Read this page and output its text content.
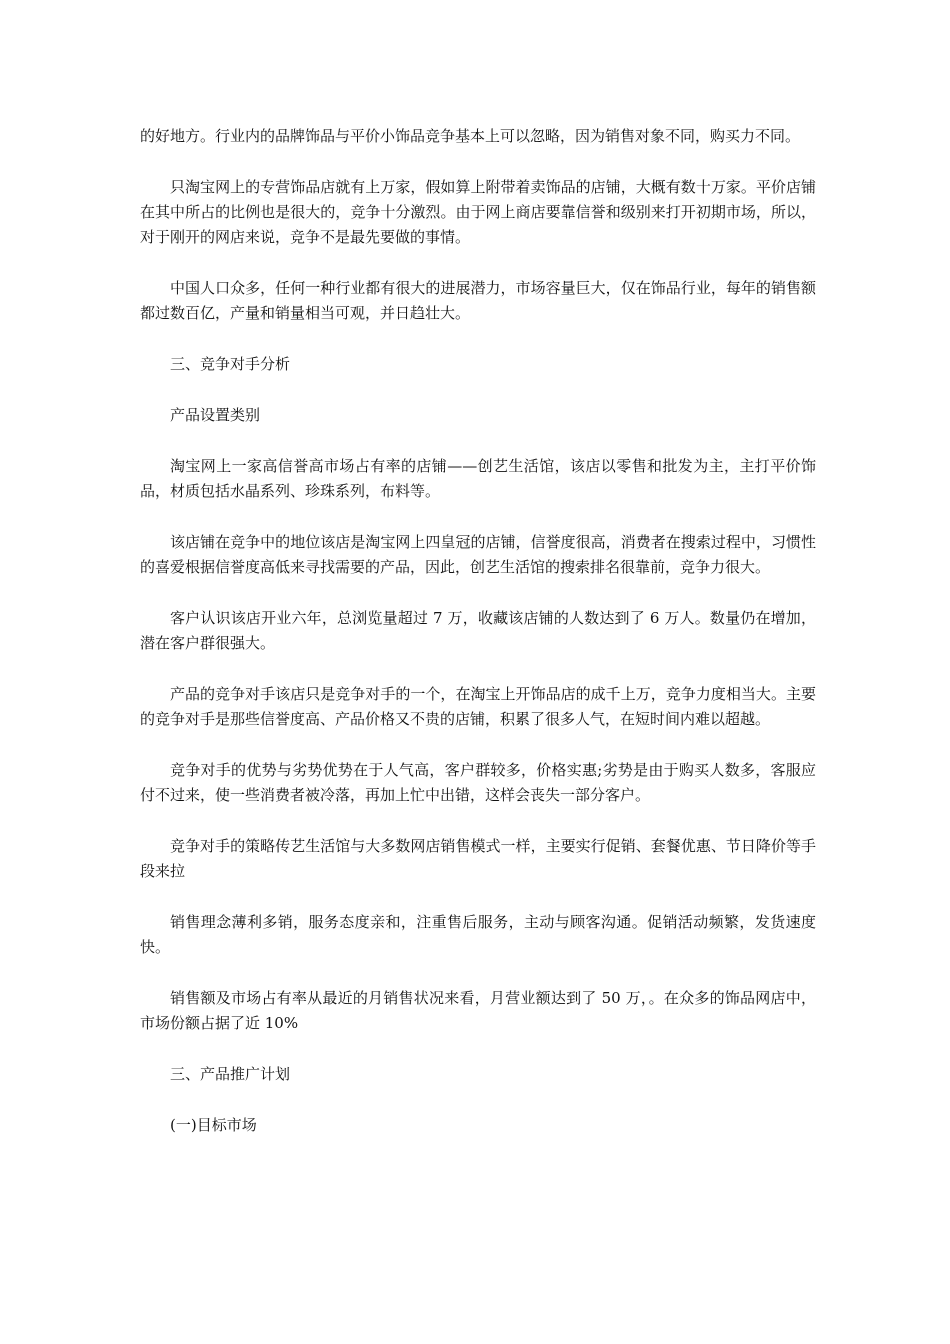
的好地方。行业内的品牌饰品与平价小饰品竞争基本上可以忽略，因为销售对象不同，购买力不同。

只淘宝网上的专营饰品店就有上万家，假如算上附带着卖饰品的店铺，大概有数十万家。平价店铺在其中所占的比例也是很大的，竞争十分激烈。由于网上商店要靠信誉和级别来打开初期市场，所以，对于刚开的网店来说，竞争不是最先要做的事情。

中国人口众多，任何一种行业都有很大的进展潜力，市场容量巨大，仅在饰品行业，每年的销售额都过数百亿，产量和销量相当可观，并日趋壮大。

三、竞争对手分析

产品设置类别

淘宝网上一家高信誉高市场占有率的店铺——创艺生活馆，该店以零售和批发为主，主打平价饰品，材质包括水晶系列、珍珠系列，布料等。

该店铺在竞争中的地位该店是淘宝网上四皇冠的店铺，信誉度很高，消费者在搜索过程中，习惯性的喜爱根据信誉度高低来寻找需要的产品，因此，创艺生活馆的搜索排名很靠前，竞争力很大。

客户认识该店开业六年，总浏览量超过 7 万，收藏该店铺的人数达到了 6 万人。数量仍在增加，潜在客户群很强大。

产品的竞争对手该店只是竞争对手的一个，在淘宝上开饰品店的成千上万，竞争力度相当大。主要的竞争对手是那些信誉度高、产品价格又不贵的店铺，积累了很多人气，在短时间内难以超越。

竞争对手的优势与劣势优势在于人气高，客户群较多，价格实惠;劣势是由于购买人数多，客服应付不过来，使一些消费者被冷落，再加上忙中出错，这样会丧失一部分客户。

竞争对手的策略传艺生活馆与大多数网店销售模式一样，主要实行促销、套餐优惠、节日降价等手段来拉

销售理念薄利多销，服务态度亲和，注重售后服务，主动与顾客沟通。促销活动频繁，发货速度快。

销售额及市场占有率从最近的月销售状况来看，月营业额达到了 50 万，。在众多的饰品网店中，市场份额占据了近 10%

三、产品推广计划

(一)目标市场
